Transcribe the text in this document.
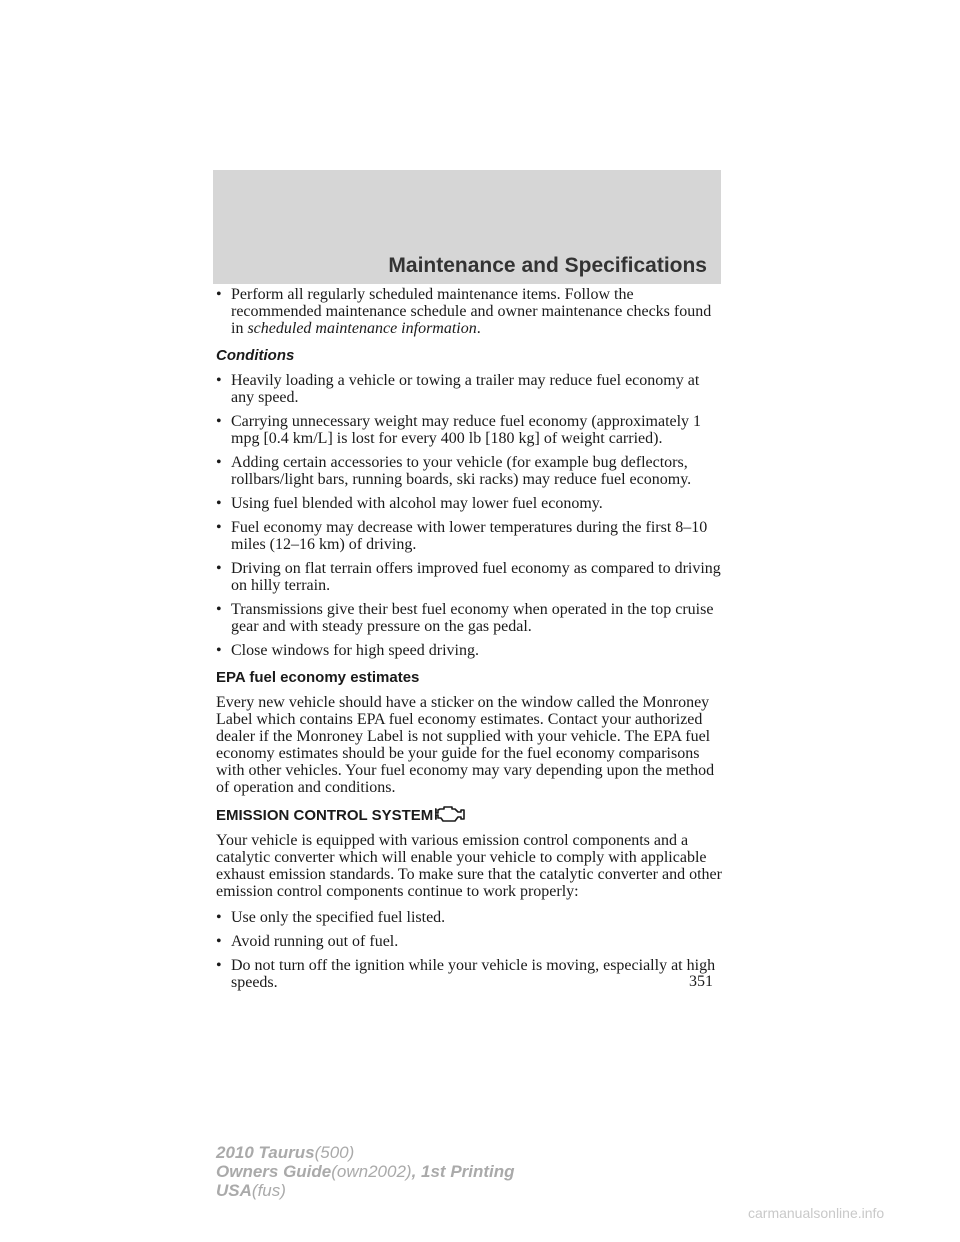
Maintenance and Specifications
• Perform all regularly scheduled maintenance items. Follow the recommended maintenance schedule and owner maintenance checks found in scheduled maintenance information.
Conditions
• Heavily loading a vehicle or towing a trailer may reduce fuel economy at any speed.
• Carrying unnecessary weight may reduce fuel economy (approximately 1 mpg [0.4 km/L] is lost for every 400 lb [180 kg] of weight carried).
• Adding certain accessories to your vehicle (for example bug deflectors, rollbars/light bars, running boards, ski racks) may reduce fuel economy.
• Using fuel blended with alcohol may lower fuel economy.
• Fuel economy may decrease with lower temperatures during the first 8–10 miles (12–16 km) of driving.
• Driving on flat terrain offers improved fuel economy as compared to driving on hilly terrain.
• Transmissions give their best fuel economy when operated in the top cruise gear and with steady pressure on the gas pedal.
• Close windows for high speed driving.
EPA fuel economy estimates

Every new vehicle should have a sticker on the window called the Monroney Label which contains EPA fuel economy estimates. Contact your authorized dealer if the Monroney Label is not supplied with your vehicle. The EPA fuel economy estimates should be your guide for the fuel economy comparisons with other vehicles. Your fuel economy may vary depending upon the method of operation and conditions.

EMISSION CONTROL SYSTEM

Your vehicle is equipped with various emission control components and a catalytic converter which will enable your vehicle to comply with applicable exhaust emission standards. To make sure that the catalytic converter and other emission control components continue to work properly:

• Use only the specified fuel listed.
• Avoid running out of fuel.
• Do not turn off the ignition while your vehicle is moving, especially at high speeds.	351
2010 Taurus(500)
Owners Guide(own2002), 1st Printing
USA(fus)
carmanualsonline.info
